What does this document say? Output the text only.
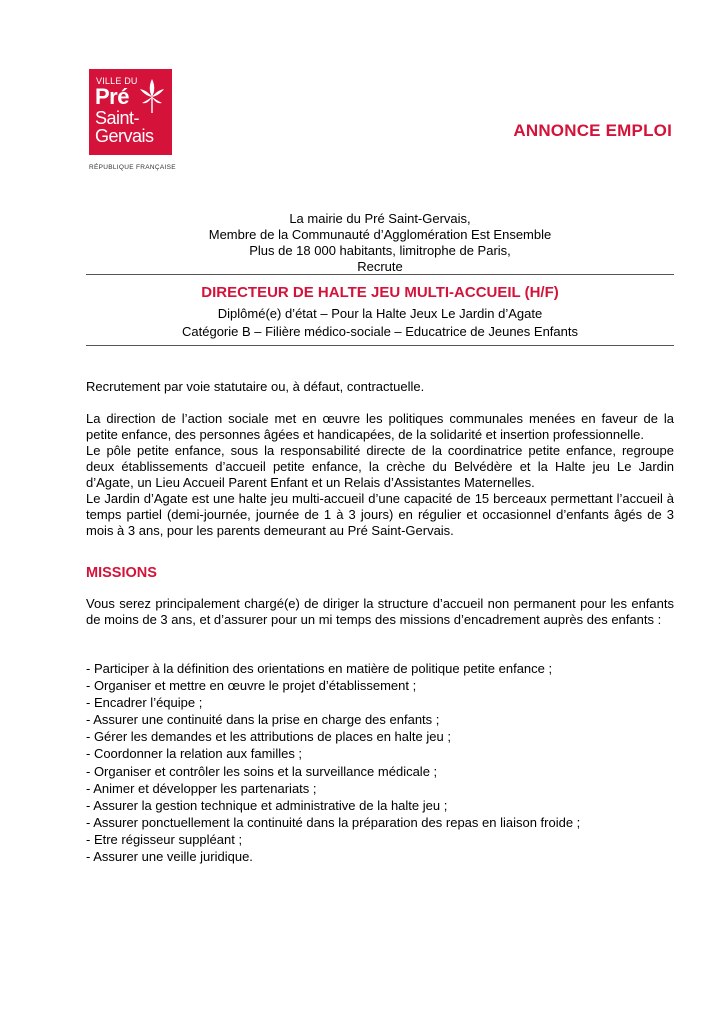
VILLE DU
Pré
Saint-
Gervais
RÉPUBLIQUE FRANÇAISE
ANNONCE EMPLOI
La mairie du Pré Saint-Gervais,
Membre de la Communauté d’Agglomération Est Ensemble
Plus de 18 000 habitants, limitrophe de Paris,
Recrute
DIRECTEUR DE HALTE JEU MULTI-ACCUEIL (H/F)
Diplômé(e) d’état – Pour la Halte Jeux Le Jardin d’Agate
Catégorie B – Filière médico-sociale – Educatrice de Jeunes Enfants
Recrutement par voie statutaire ou, à défaut, contractuelle.

La direction de l’action sociale met en œuvre les politiques communales menées en faveur de la petite enfance, des personnes âgées et handicapées, de la solidarité et insertion professionnelle.

Le pôle petite enfance, sous la responsabilité directe de la coordinatrice petite enfance, regroupe deux établissements d’accueil petite enfance, la crèche du Belvédère et la Halte jeu Le Jardin d’Agate, un Lieu Accueil Parent Enfant et un Relais d’Assistantes Maternelles.

Le Jardin d’Agate est une halte jeu multi-accueil d’une capacité de 15 berceaux permettant l’accueil à temps partiel (demi-journée, journée de 1 à 3 jours) en régulier et occasionnel d’enfants âgés de 3 mois à 3 ans, pour les parents demeurant au Pré Saint-Gervais.

MISSIONS
Vous serez principalement chargé(e) de diriger la structure d’accueil non permanent pour les enfants de moins de 3 ans, et d’assurer pour un mi temps des missions d’encadrement auprès des enfants :
- Participer à la définition des orientations en matière de politique petite enfance ;
- Organiser et mettre en œuvre le projet d’établissement ;
- Encadrer l’équipe ;
- Assurer une continuité dans la prise en charge des enfants ;
- Gérer les demandes et les attributions de places en halte jeu ;
- Coordonner la relation aux familles ;
- Organiser et contrôler les soins et la surveillance médicale ;
- Animer et développer les partenariats ;
- Assurer la gestion technique et administrative de la halte jeu ;
- Assurer ponctuellement la continuité dans la préparation des repas en liaison froide ;
- Etre régisseur suppléant ;
- Assurer une veille juridique.
